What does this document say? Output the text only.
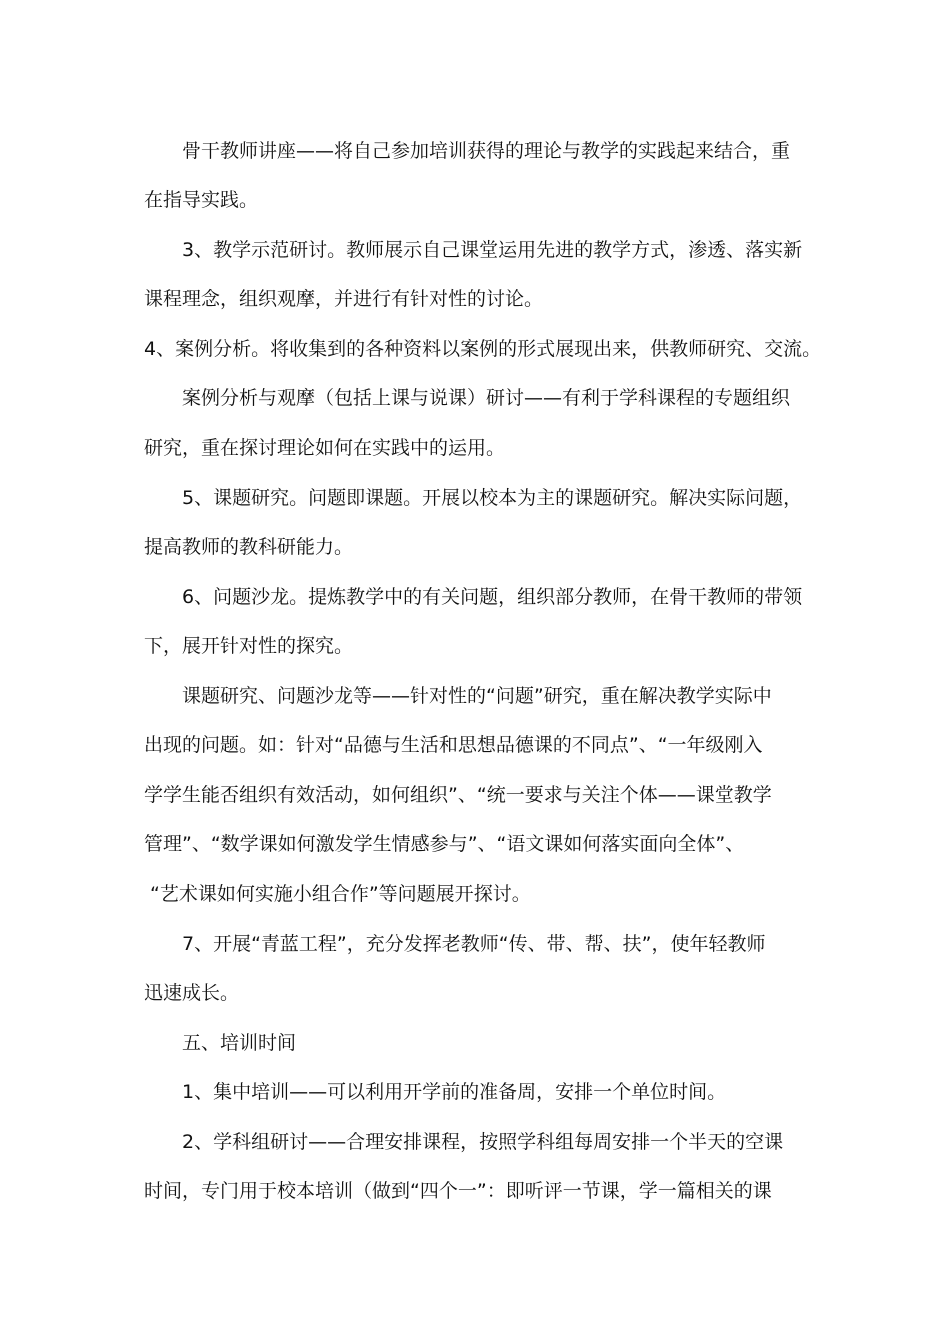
骨干教师讲座——将自己参加培训获得的理论与教学的实践起来结合，重
在指导实践。
3、教学示范研讨。教师展示自己课堂运用先进的教学方式，渗透、落实新
课程理念，组织观摩，并进行有针对性的讨论。
4、案例分析。将收集到的各种资料以案例的形式展现出来，供教师研究、交流。
案例分析与观摩（包括上课与说课）研讨——有利于学科课程的专题组织
研究，重在探讨理论如何在实践中的运用。
5、课题研究。问题即课题。开展以校本为主的课题研究。解决实际问题，
提高教师的教科研能力。
6、问题沙龙。提炼教学中的有关问题，组织部分教师，在骨干教师的带领
下，展开针对性的探究。
课题研究、问题沙龙等——针对性的“问题”研究，重在解决教学实际中
出现的问题。如：针对“品德与生活和思想品德课的不同点”、“一年级刚入
学学生能否组织有效活动，如何组织”、“统一要求与关注个体——课堂教学
管理”、“数学课如何激发学生情感参与”、“语文课如何落实面向全体”、
“艺术课如何实施小组合作”等问题展开探讨。
7、开展“青蓝工程”，充分发挥老教师“传、带、帮、扶”，使年轻教师
迅速成长。
五、培训时间
1、集中培训——可以利用开学前的准备周，安排一个单位时间。
2、学科组研讨——合理安排课程，按照学科组每周安排一个半天的空课
时间，专门用于校本培训（做到“四个一”：即听评一节课，学一篇相关的课
